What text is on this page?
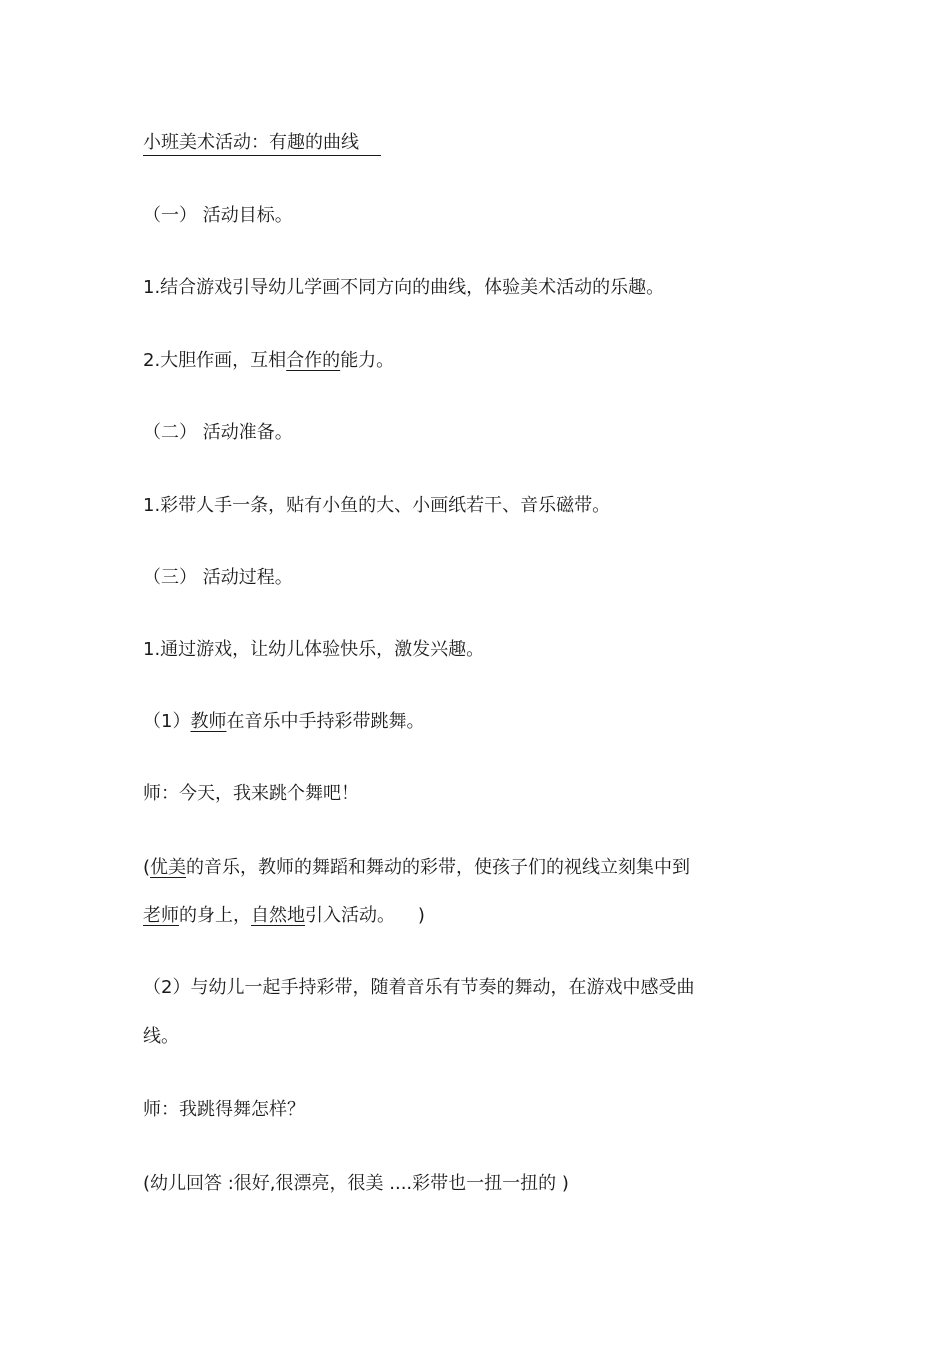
小班美术活动：有趣的曲线
（一） 活动目标。
1.结合游戏引导幼儿学画不同方向的曲线，体验美术活动的乐趣。
2.大胆作画，互相合作的能力。
（二） 活动准备。
1.彩带人手一条，贴有小鱼的大、小画纸若干、音乐磁带。
（三） 活动过程。
1.通过游戏，让幼儿体验快乐，激发兴趣。
（1）教师在音乐中手持彩带跳舞。
师：今天，我来跳个舞吧！
(优美的音乐，教师的舞蹈和舞动的彩带，使孩子们的视线立刻集中到
老师的身上，自然地引入活动。    )
（2）与幼儿一起手持彩带，随着音乐有节奏的舞动，在游戏中感受曲
线。
师：我跳得舞怎样？
(幼儿回答 :很好,很漂亮，很美 ....彩带也一扭一扭的 )
